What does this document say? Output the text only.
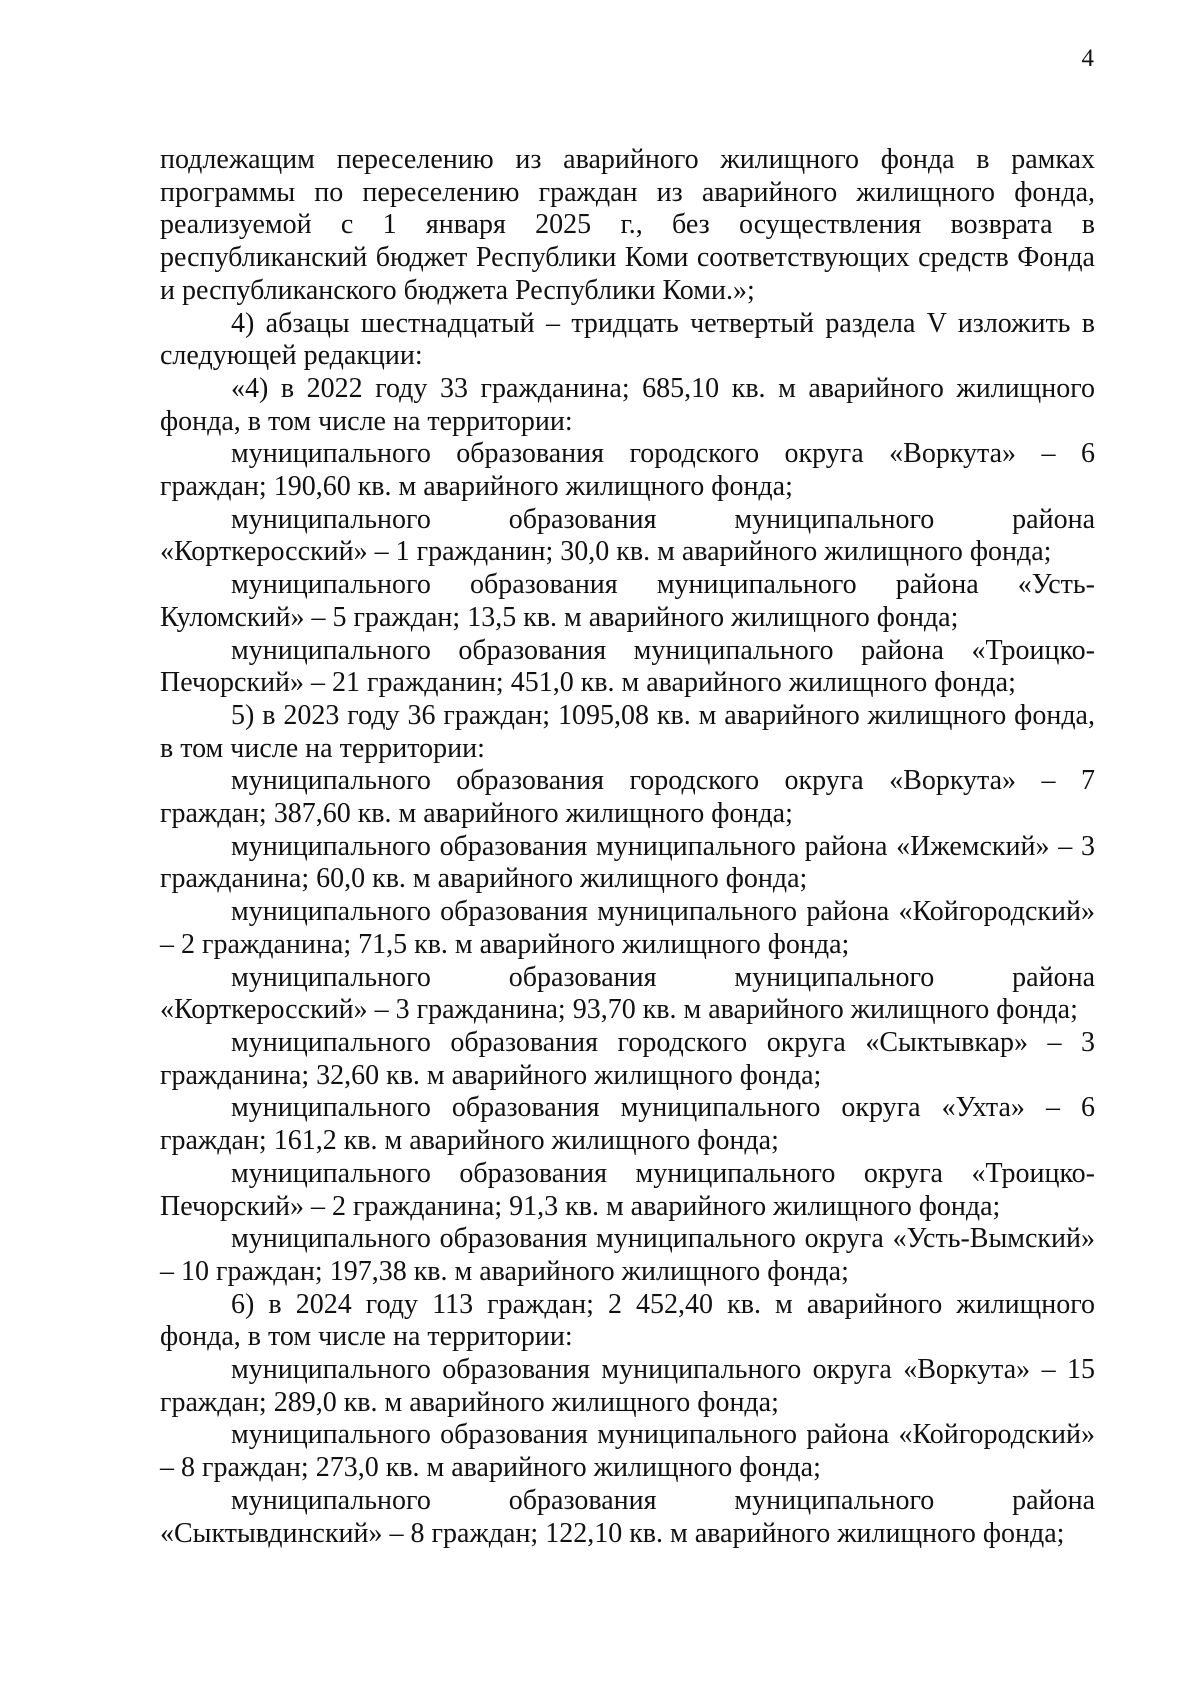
4

подлежащим переселению из аварийного жилищного фонда в рамках программы по переселению граждан из аварийного жилищного фонда, реализуемой с 1 января 2025 г., без осуществления возврата в республиканский бюджет Республики Коми соответствующих средств Фонда и республиканского бюджета Республики Коми.»;

4) абзацы шестнадцатый – тридцать четвертый раздела V изложить в следующей редакции:

«4) в 2022 году 33 гражданина; 685,10 кв. м аварийного жилищного фонда, в том числе на территории:

муниципального образования городского округа «Воркута» – 6 граждан; 190,60 кв. м аварийного жилищного фонда;

муниципального образования муниципального района «Корткеросский» – 1 гражданин; 30,0 кв. м аварийного жилищного фонда;

муниципального образования муниципального района «Усть-Куломский» – 5 граждан; 13,5 кв. м аварийного жилищного фонда;

муниципального образования муниципального района «Троицко-Печорский» – 21 гражданин; 451,0 кв. м аварийного жилищного фонда;

5) в 2023 году 36 граждан; 1095,08 кв. м аварийного жилищного фонда, в том числе на территории:

муниципального образования городского округа «Воркута» – 7 граждан; 387,60 кв. м аварийного жилищного фонда;

муниципального образования муниципального района «Ижемский» – 3 гражданина; 60,0 кв. м аварийного жилищного фонда;

муниципального образования муниципального района «Койгородский» – 2 гражданина; 71,5 кв. м аварийного жилищного фонда;

муниципального образования муниципального района «Корткеросский» – 3 гражданина; 93,70 кв. м аварийного жилищного фонда;

муниципального образования городского округа «Сыктывкар» – 3 гражданина; 32,60 кв. м аварийного жилищного фонда;

муниципального образования муниципального округа «Ухта» – 6 граждан; 161,2 кв. м аварийного жилищного фонда;

муниципального образования муниципального округа «Троицко-Печорский» – 2 гражданина; 91,3 кв. м аварийного жилищного фонда;

муниципального образования муниципального округа «Усть-Вымский» – 10 граждан; 197,38 кв. м аварийного жилищного фонда;

6) в 2024 году 113 граждан; 2 452,40 кв. м аварийного жилищного фонда, в том числе на территории:

муниципального образования муниципального округа «Воркута» – 15 граждан; 289,0 кв. м аварийного жилищного фонда;

муниципального образования муниципального района «Койгородский» – 8 граждан; 273,0 кв. м аварийного жилищного фонда;

муниципального образования муниципального района «Сыктывдинский» – 8 граждан; 122,10 кв. м аварийного жилищного фонда;
